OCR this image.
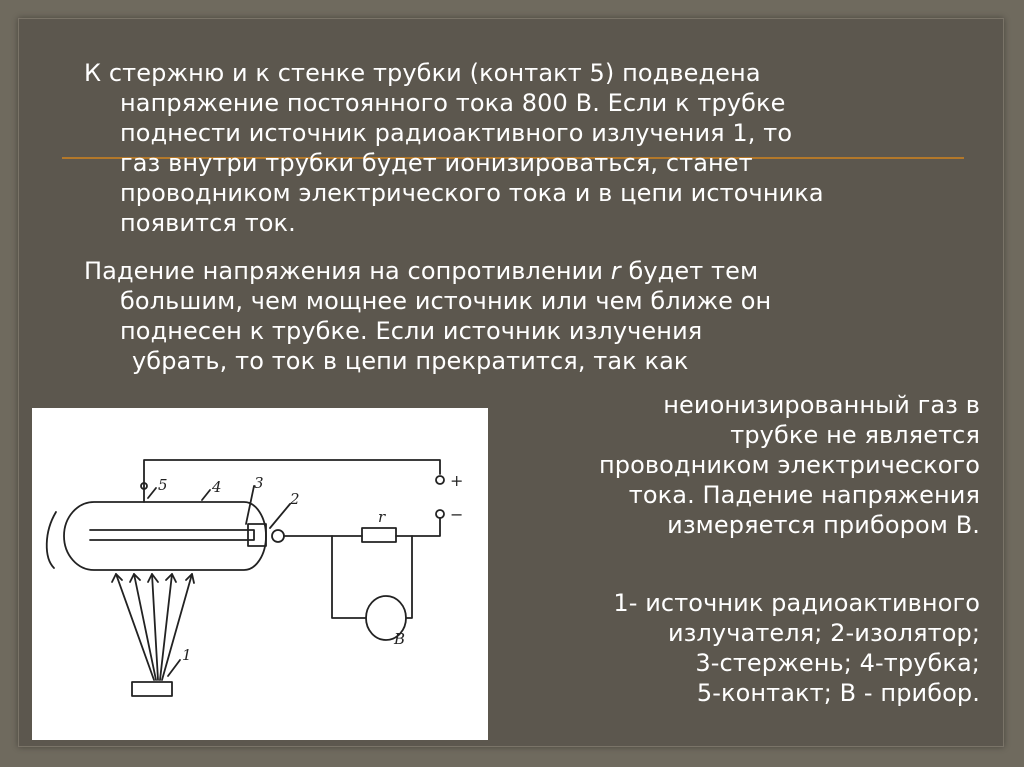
К стержню и к стенке трубки (контакт 5) подведена
напряжение постоянного тока 800 В. Если к трубке
поднести источник радиоактивного излучения 1, то
газ внутри трубки будет ионизироваться, станет
проводником электрического тока и в цепи источника
появится ток.
Падение напряжения на сопротивлении r будет тем
большим, чем мощнее источник или чем ближе он
поднесен к трубке. Если источник излучения
убрать, то ток в цепи прекратится, так как
неионизированный газ в
трубке не является
проводником электрического
тока. Падение напряжения
измеряется прибором В.
1- источник радиоактивного
излучателя; 2-изолятор;
3-стержень; 4-трубка;
5-контакт; В - прибор.
5	4 3
2
1
r
B
+
−
